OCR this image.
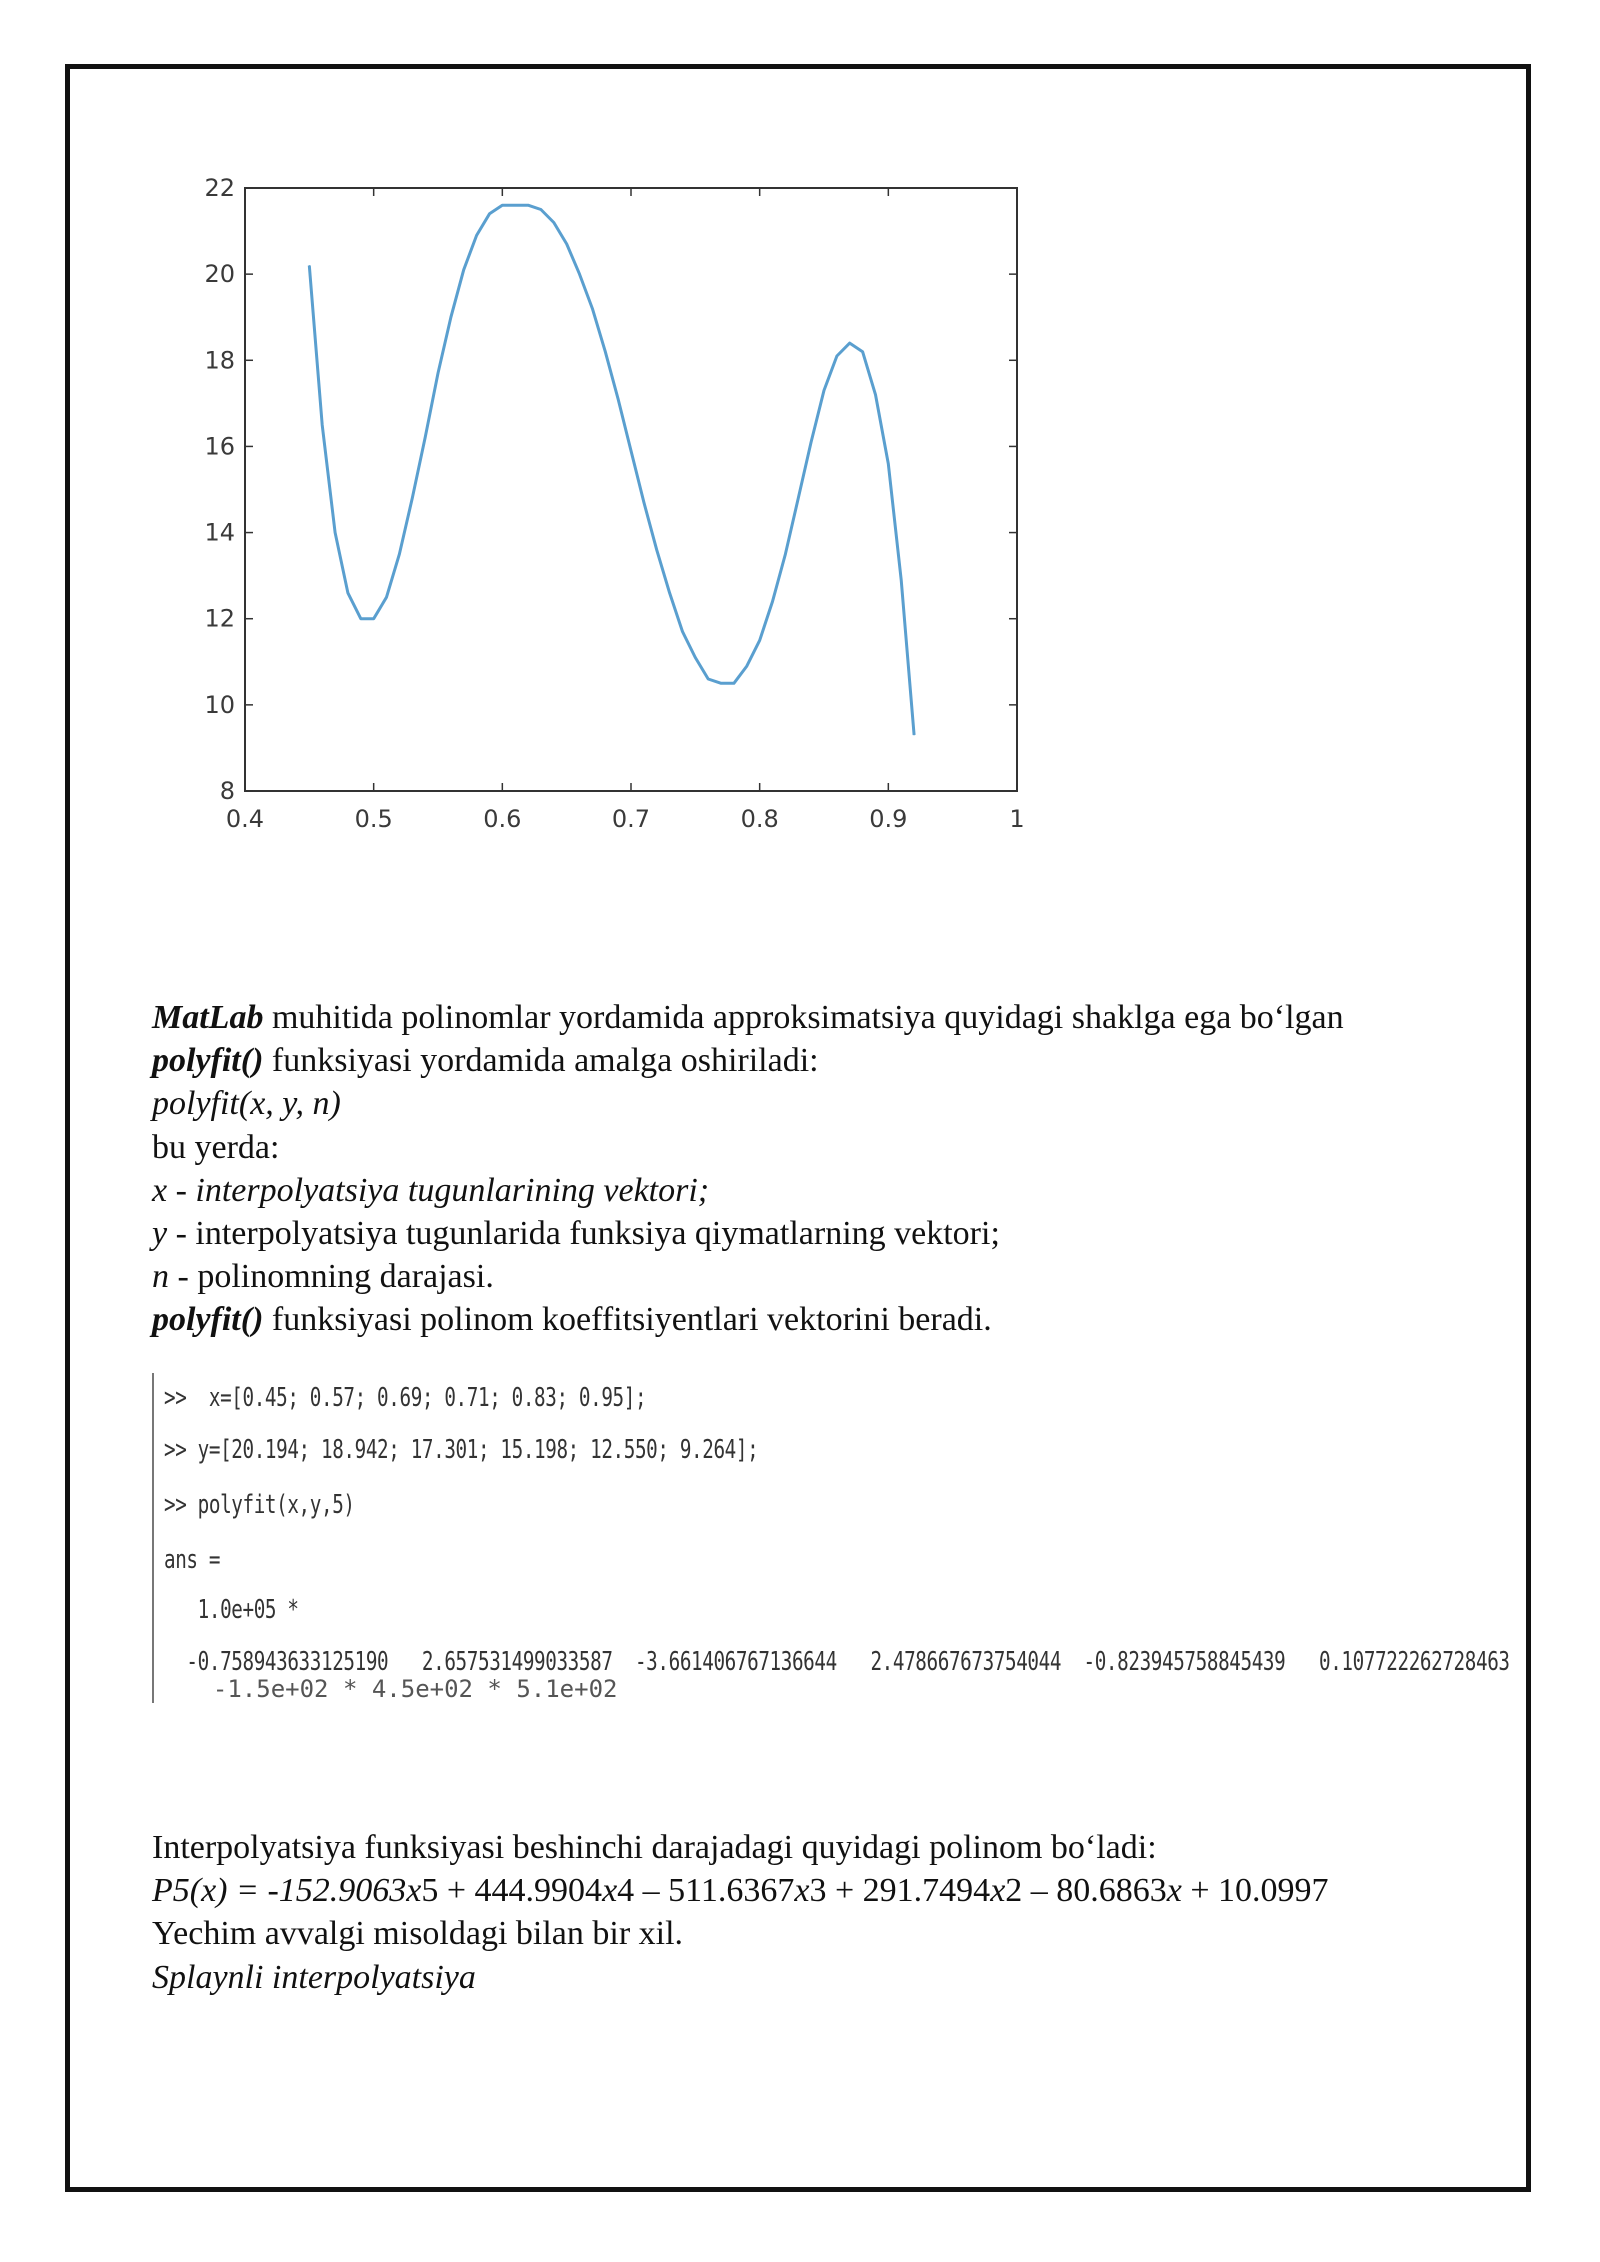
8
10
12
14
16
18
20
22
0.4	0.5	0.6	0.7	0.8	0.9	1
MatLab muhitida polinomlar yordamida approksimatsiya quyidagi shaklga ega bo‘lgan
polyfit() funksiyasi yordamida amalga oshiriladi:
polyfit(x, y, n)
bu yerda:
x - interpolyatsiya tugunlarining vektori;
y - interpolyatsiya tugunlarida funksiya qiymatlarning vektori;
n - polinomning darajasi.
polyfit() funksiyasi polinom koeffitsiyentlari vektorini beradi.
>>  x=[0.45; 0.57; 0.69; 0.71; 0.83; 0.95];
>> y=[20.194; 18.942; 17.301; 15.198; 12.550; 9.264];
>> polyfit(x,y,5)
ans =
1.0e+05 *
-0.758943633125190   2.657531499033587  -3.661406767136644   2.478667673754044  -0.823945758845439   0.107722262728463
-1.5e+02 * 4.5e+02 * 5.1e+02
Interpolyatsiya funksiyasi beshinchi darajadagi quyidagi polinom bo‘ladi:
P5(x) = -152.9063x5 + 444.9904x4 – 511.6367x3 + 291.7494x2 – 80.6863x + 10.0997
Yechim avvalgi misoldagi bilan bir xil.
Splaynli interpolyatsiya
